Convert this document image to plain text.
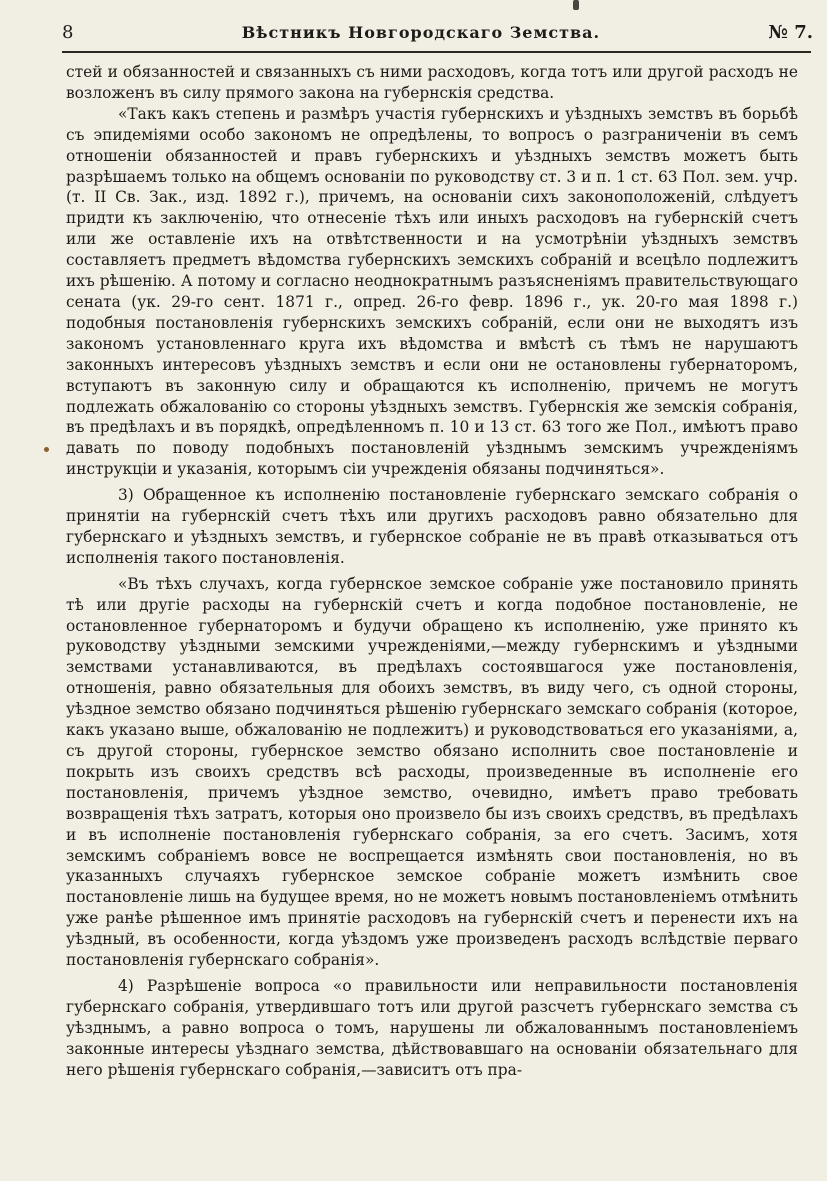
8	Вѣстникъ Новгородскаго Земства.	№ 7.

стей и обязанностей и связанныхъ съ ними расходовъ, когда тотъ или другой расходъ не возложенъ въ силу прямого закона на губернскія средства.

«Такъ какъ степень и размѣръ участія губернскихъ и уѣздныхъ земствъ въ борьбѣ съ эпидеміями особо закономъ не опредѣлены, то вопросъ о разграниченіи въ семъ отношеніи обязанностей и правъ губернскихъ и уѣздныхъ земствъ можетъ быть разрѣшаемъ только на общемъ основаніи по руководству ст. 3 и п. 1 ст. 63 Пол. зем. учр. (т. II Св. Зак., изд. 1892 г.), причемъ, на основаніи сихъ законоположеній, слѣдуетъ придти къ заключенію, что отнесеніе тѣхъ или иныхъ расходовъ на губернскій счетъ или же оставленіе ихъ на отвѣтственности и на усмотрѣніи уѣздныхъ земствъ составляетъ предметъ вѣдомства губернскихъ земскихъ собраній и всецѣло подлежитъ ихъ рѣшенію. А потому и согласно неоднократнымъ разъясненіямъ правительствующаго сената (ук. 29-го сент. 1871 г., опред. 26-го февр. 1896 г., ук. 20-го мая 1898 г.) подобныя постановленія губернскихъ земскихъ собраній, если они не выходятъ изъ закономъ установленнаго круга ихъ вѣдомства и вмѣстѣ съ тѣмъ не нарушаютъ законныхъ интересовъ уѣздныхъ земствъ и если они не остановлены губернаторомъ, вступаютъ въ законную силу и обращаются къ исполненію, причемъ не могутъ подлежать обжалованію со стороны уѣздныхъ земствъ. Губернскія же земскія собранія, въ предѣлахъ и въ порядкѣ, опредѣленномъ п. 10 и 13 ст. 63 того же Пол., имѣютъ право давать по поводу подобныхъ постановленій уѣзднымъ земскимъ учрежденіямъ инструкціи и указанія, которымъ сіи учрежденія обязаны подчиняться».

3) Обращенное къ исполненію постановленіе губернскаго земскаго собранія о принятіи на губернскій счетъ тѣхъ или другихъ расходовъ равно обязательно для губернскаго и уѣздныхъ земствъ, и губернское собраніе не въ правѣ отказываться отъ исполненія такого постановленія.

«Въ тѣхъ случахъ, когда губернское земское собраніе уже постановило принять тѣ или другіе расходы на губернскій счетъ и когда подобное постановленіе, не остановленное губернаторомъ и будучи обращено къ исполненію, уже принято къ руководству уѣздными земскими учрежденіями,—между губернскимъ и уѣздными земствами устанавливаются, въ предѣлахъ состоявшагося уже постановленія, отношенія, равно обязательныя для обоихъ земствъ, въ виду чего, съ одной стороны, уѣздное земство обязано подчиняться рѣшенію губернскаго земскаго собранія (которое, какъ указано выше, обжалованію не подлежитъ) и руководствоваться его указаніями, а, съ другой стороны, губернское земство обязано исполнить свое постановленіе и покрыть изъ своихъ средствъ всѣ расходы, произведенные въ исполненіе его постановленія, причемъ уѣздное земство, очевидно, имѣетъ право требовать возвращенія тѣхъ затратъ, которыя оно произвело бы изъ своихъ средствъ, въ предѣлахъ и въ исполненіе постановленія губернскаго собранія, за его счетъ. Засимъ, хотя земскимъ собраніемъ вовсе не воспрещается измѣнять свои постановленія, но въ указанныхъ случаяхъ губернское земское собраніе можетъ измѣнить свое постановленіе лишь на будущее время, но не можетъ новымъ постановленіемъ отмѣнить уже ранѣе рѣшенное имъ принятіе расходовъ на губернскій счетъ и перенести ихъ на уѣздный, въ особенности, когда уѣздомъ уже произведенъ расходъ вслѣдствіе перваго постановленія губернскаго собранія».

4) Разрѣшеніе вопроса «о правильности или неправильности постановленія губернскаго собранія, утвердившаго тотъ или другой разсчетъ губернскаго земства съ уѣзднымъ, а равно вопроса о томъ, нарушены ли обжалованнымъ постановленіемъ законные интересы уѣзднаго земства, дѣйствовавшаго на основаніи обязательнаго для него рѣшенія губернскаго собранія,—зависитъ отъ пра-
